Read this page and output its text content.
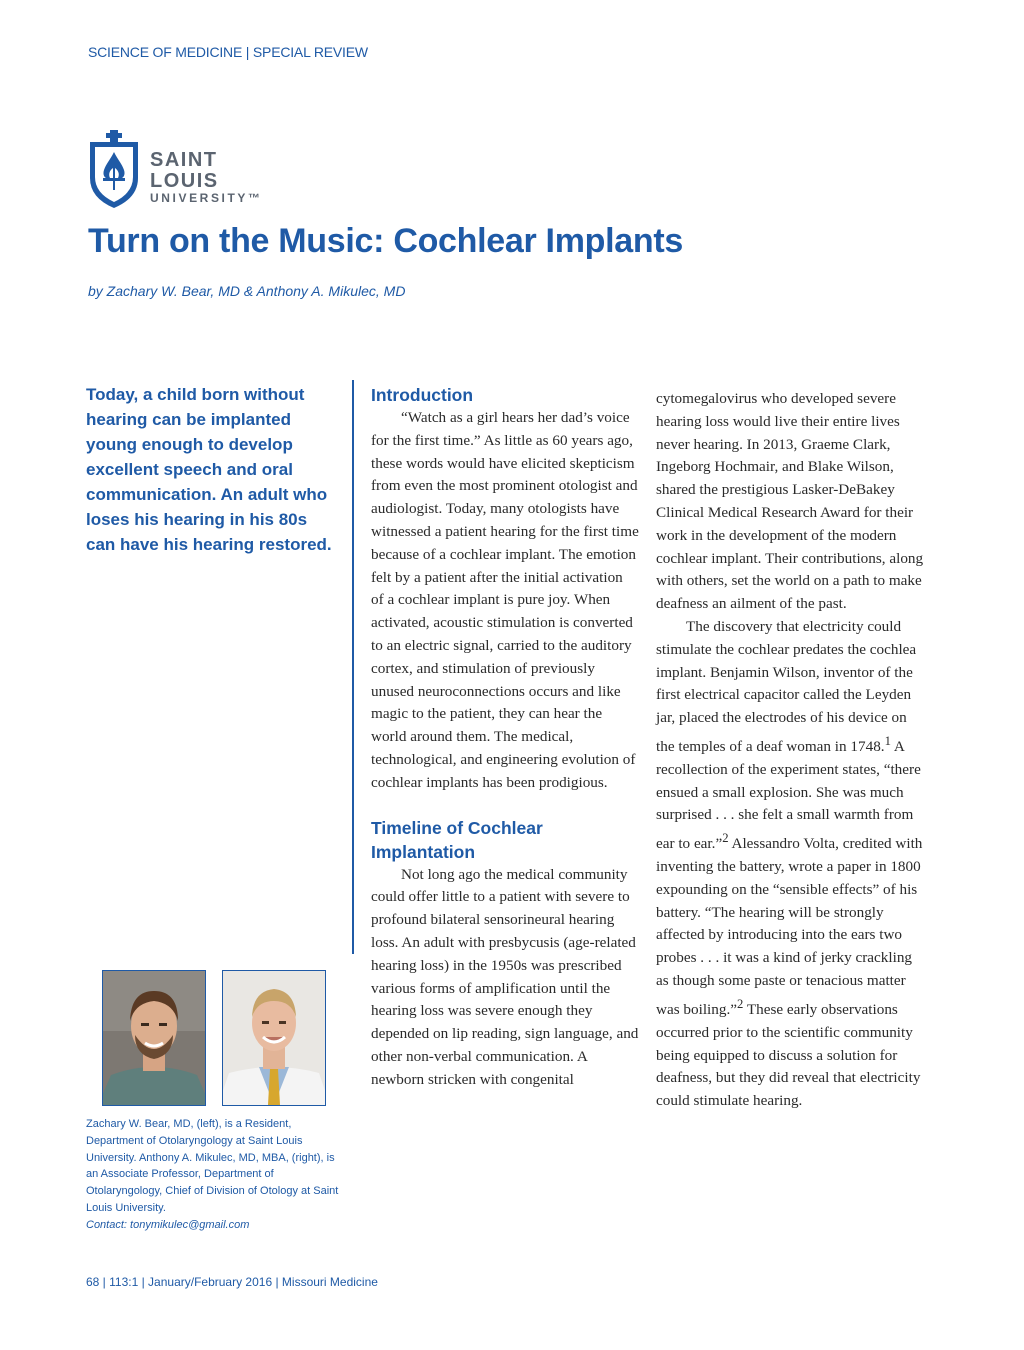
SCIENCE OF MEDICINE | SPECIAL REVIEW
SAINT LOUIS
UNIVERSITY™
Turn on the Music: Cochlear Implants
by Zachary W. Bear, MD & Anthony A. Mikulec, MD
Today, a child born without hearing can be implanted young enough to develop excellent speech and oral communication. An adult who loses his hearing in his 80s can have his hearing restored.
Zachary W. Bear, MD, (left), is a Resident, Department of Otolaryngology at Saint Louis University. Anthony A. Mikulec, MD, MBA, (right), is an Associate Professor, Department of Otolaryngology, Chief of Division of Otology at Saint Louis University.
Contact: tonymikulec@gmail.com
Introduction

“Watch as a girl hears her dad’s voice for the first time.” As little as 60 years ago, these words would have elicited skepticism from even the most prominent otologist and audiologist. Today, many otologists have witnessed a patient hearing for the first time because of a cochlear implant. The emotion felt by a patient after the initial activation of a cochlear implant is pure joy. When activated, acoustic stimulation is converted to an electric signal, carried to the auditory cortex, and stimulation of previously unused neuroconnections occurs and like magic to the patient, they can hear the world around them. The medical, technological, and engineering evolution of cochlear implants has been prodigious.

Timeline of Cochlear Implantation

Not long ago the medical community could offer little to a patient with severe to profound bilateral sensorineural hearing loss. An adult with presbycusis (age-related hearing loss) in the 1950s was prescribed various forms of amplification until the hearing loss was severe enough they depended on lip reading, sign language, and other non-verbal communication. A newborn stricken with congenital

cytomegalovirus who developed severe hearing loss would live their entire lives never hearing. In 2013, Graeme Clark, Ingeborg Hochmair, and Blake Wilson, shared the prestigious Lasker-DeBakey Clinical Medical Research Award for their work in the development of the modern cochlear implant. Their contributions, along with others, set the world on a path to make deafness an ailment of the past.

The discovery that electricity could stimulate the cochlear predates the cochlea implant. Benjamin Wilson, inventor of the first electrical capacitor called the Leyden jar, placed the electrodes of his device on the temples of a deaf woman in 1748.$^1$ A recollection of the experiment states, “there ensued a small explosion. She was much surprised . . . she felt a small warmth from ear to ear.”$^2$ Alessandro Volta, credited with inventing the battery, wrote a paper in 1800 expounding on the “sensible effects” of his battery. “The hearing will be strongly affected by introducing into the ears two probes . . . it was a kind of jerky crackling as though some paste or tenacious matter was boiling.”$^2$ These early observations occurred prior to the scientific community being equipped to discuss a solution for deafness, but they did reveal that electricity could stimulate hearing.

68 | 113:1 | January/February 2016 | Missouri Medicine
